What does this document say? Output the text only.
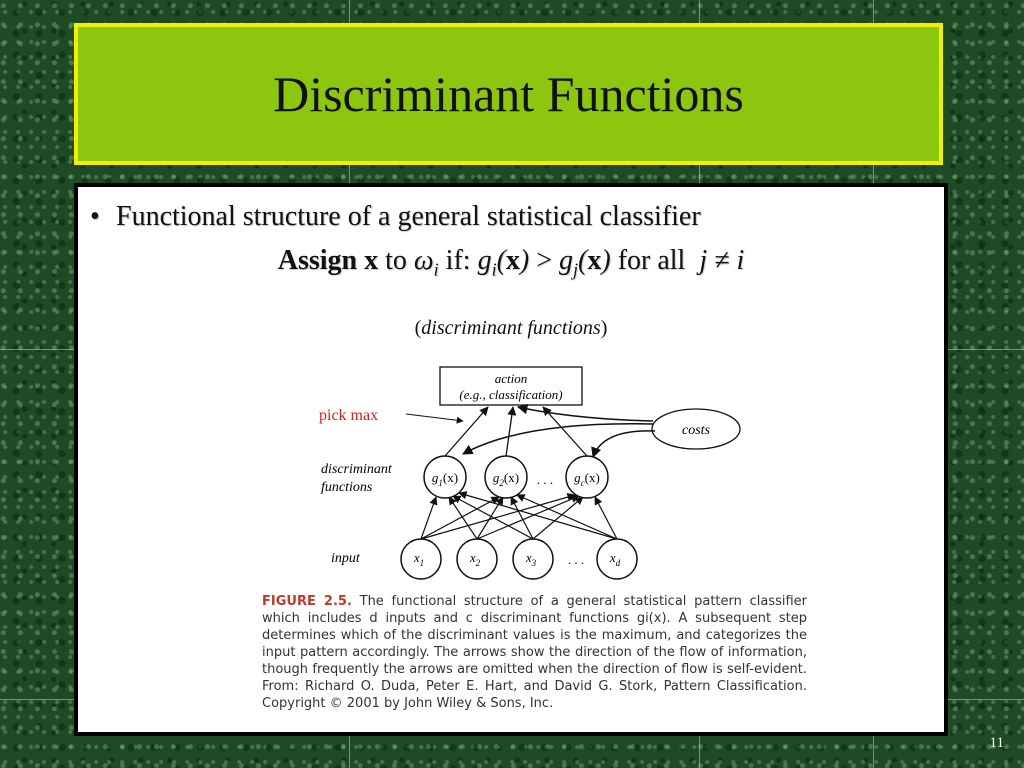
Discriminant Functions
• Functional structure of a general statistical classifier
Assign x to $\omega_i$ if: $g_i(x) > g_j(x)$ for all j ≠ i
(discriminant functions)
action
(e.g., classification)
costs
pick max
discriminant
functions
input
$g_1(x)$	$g_2(x)$ . . . $g_c(x)$
$x_1$	$x_2$	$x_3$ . . . $x_d$
FIGURE 2.5. The functional structure of a general statistical pattern classifier which includes d inputs and c discriminant functions gi(x). A subsequent step determines which of the discriminant values is the maximum, and categorizes the input pattern accordingly. The arrows show the direction of the flow of information, though frequently the arrows are omitted when the direction of flow is self-evident. From: Richard O. Duda, Peter E. Hart, and David G. Stork, Pattern Classification. Copyright © 2001 by John Wiley & Sons, Inc.
11
